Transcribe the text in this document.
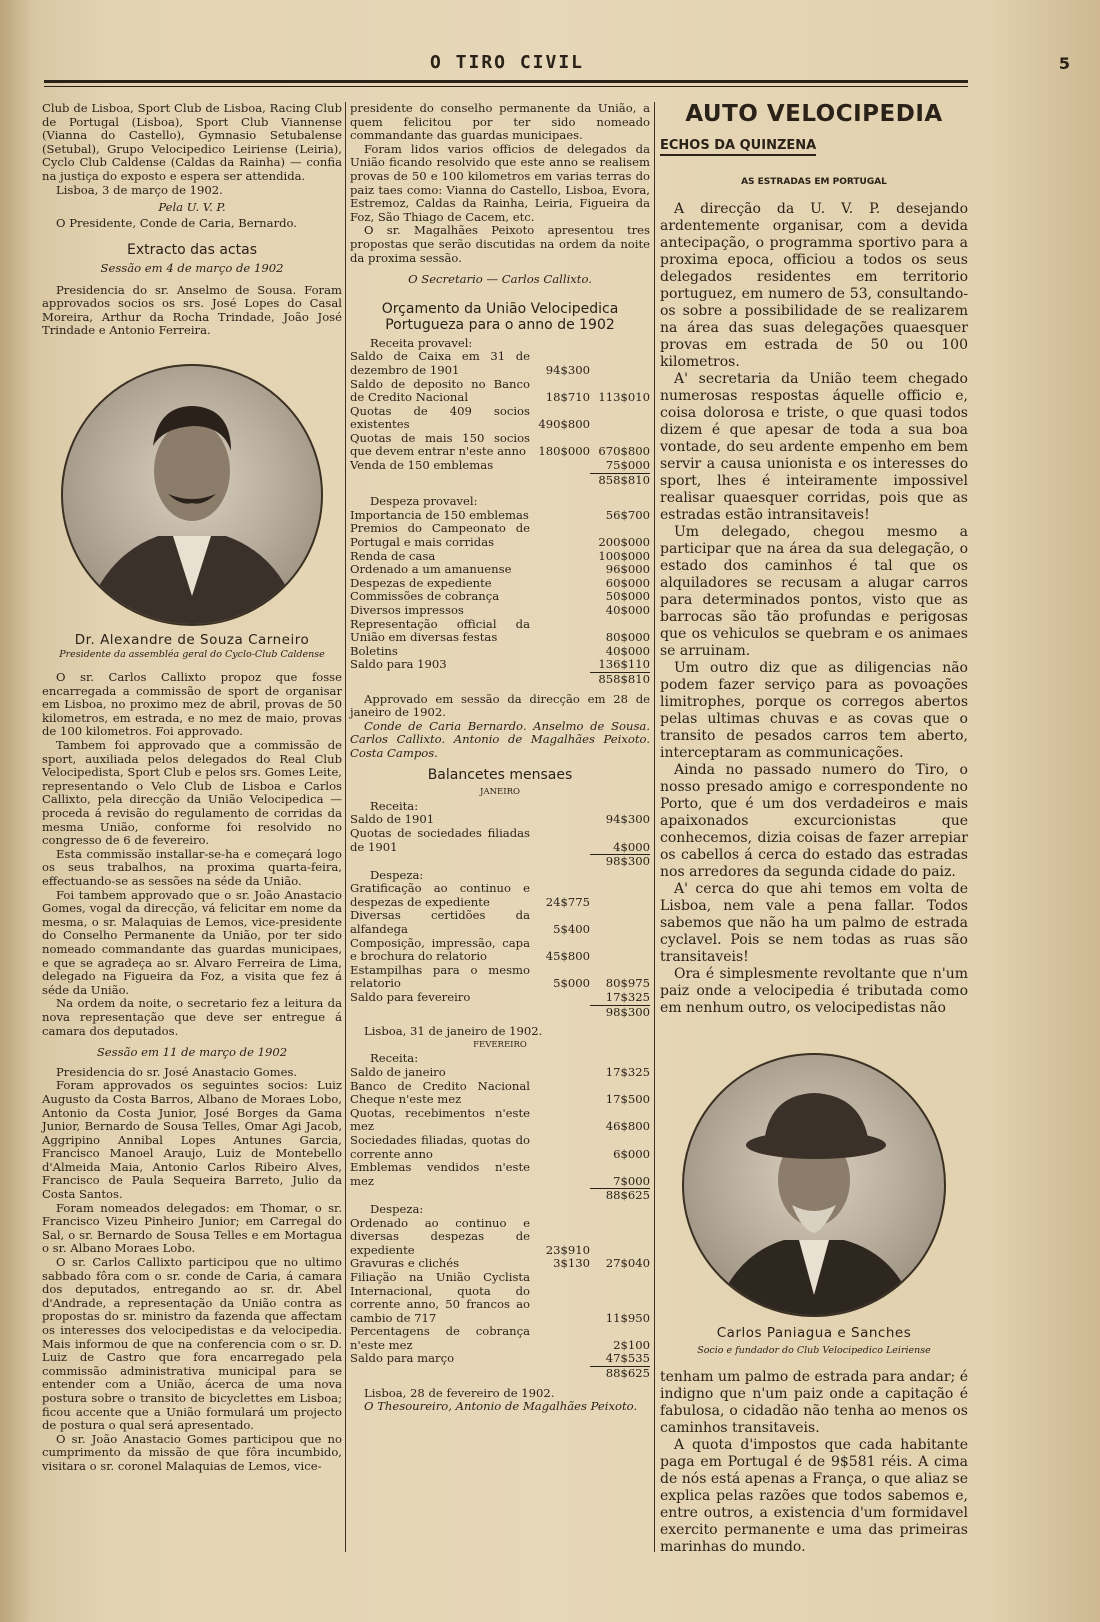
O TIRO CIVIL	5

Club de Lisboa, Sport Club de Lisboa, Racing Club de Portugal (Lisboa), Sport Club Viannense (Vianna do Castello), Gymnasio Setubalense (Setubal), Grupo Velocipedico Leiriense (Leiria), Cyclo Club Caldense (Caldas da Rainha) — confia na justiça do exposto e espera ser attendida.

Lisboa, 3 de março de 1902.

Pela U. V. P.

O Presidente, Conde de Caria, Bernardo.

Extracto das actas
Sessão em 4 de março de 1902

Presidencia do sr. Anselmo de Sousa. Foram approvados socios os srs. José Lopes do Casal Moreira, Arthur da Rocha Trindade, João José Trindade e Antonio Ferreira.

Dr. Alexandre de Souza Carneiro
Presidente da assembléa geral do Cyclo-Club Caldense

O sr. Carlos Callixto propoz que fosse encarregada a commissão de sport de organisar em Lisboa, no proximo mez de abril, provas de 50 kilometros, em estrada, e no mez de maio, provas de 100 kilometros. Foi approvado.

Tambem foi approvado que a commissão de sport, auxiliada pelos delegados do Real Club Velocipedista, Sport Club e pelos srs. Gomes Leite, representando o Velo Club de Lisboa e Carlos Callixto, pela direcção da União Velocipedica — proceda á revisão do regulamento de corridas da mesma União, conforme foi resolvido no congresso de 6 de fevereiro.

Esta commissão installar-se-ha e começará logo os seus trabalhos, na proxima quarta-feira, effectuando-se as sessões na séde da União.

Foi tambem approvado que o sr. João Anastacio Gomes, vogal da direcção, vá felicitar em nome da mesma, o sr. Malaquias de Lemos, vice-presidente do Conselho Permanente da União, por ter sido nomeado commandante das guardas municipaes, e que se agradeça ao sr. Alvaro Ferreira de Lima, delegado na Figueira da Foz, a visita que fez á séde da União.

Na ordem da noite, o secretario fez a leitura da nova representação que deve ser entregue á camara dos deputados.

Sessão em 11 de março de 1902

Presidencia do sr. José Anastacio Gomes.

Foram approvados os seguintes socios: Luiz Augusto da Costa Barros, Albano de Moraes Lobo, Antonio da Costa Junior, José Borges da Gama Junior, Bernardo de Sousa Telles, Omar Agi Jacob, Aggripino Annibal Lopes Antunes Garcia, Francisco Manoel Araujo, Luiz de Montebello d'Almeida Maia, Antonio Carlos Ribeiro Alves, Francisco de Paula Sequeira Barreto, Julio da Costa Santos.

Foram nomeados delegados: em Thomar, o sr. Francisco Vizeu Pinheiro Junior; em Carregal do Sal, o sr. Bernardo de Sousa Telles e em Mortagua o sr. Albano Moraes Lobo.

O sr. Carlos Callixto participou que no ultimo sabbado fôra com o sr. conde de Caria, á camara dos deputados, entregando ao sr. dr. Abel d'Andrade, a representação da União contra as propostas do sr. ministro da fazenda que affectam os interesses dos velocipedistas e da velocipedia. Mais informou de que na conferencia com o sr. D. Luiz de Castro que fora encarregado pela commissão administrativa municipal para se entender com a União, ácerca de uma nova postura sobre o transito de bicyclettes em Lisboa; ficou accente que a União formulará um projecto de postura o qual será apresentado.

O sr. João Anastacio Gomes participou que no cumprimento da missão de que fôra incumbido, visitara o sr. coronel Malaquias de Lemos, vice-

presidente do conselho permanente da União, a quem felicitou por ter sido nomeado commandante das guardas municipaes.

Foram lidos varios officios de delegados da União ficando resolvido que este anno se realisem provas de 50 e 100 kilometros em varias terras do paiz taes como: Vianna do Castello, Lisboa, Evora, Estremoz, Caldas da Rainha, Leiria, Figueira da Foz, São Thiago de Cacem, etc.

O sr. Magalhães Peixoto apresentou tres propostas que serão discutidas na ordem da noite da proxima sessão.

O Secretario — Carlos Callixto.
Orçamento da União Velocipedica Portugueza para o anno de 1902
Receita provavel:
Saldo de Caixa em 31 de dezembro de 1901	94$300
Saldo de deposito no Banco de Credito Nacional	18$710 113$010
Quotas de 409 socios existentes	490$800
Quotas de mais 150 socios que devem entrar n'este anno	180$000 670$800
Venda de 150 emblemas	75$000
858$810
Despeza provavel:
Importancia de 150 emblemas	56$700
Premios do Campeonato de Portugal e mais corridas	200$000
Renda de casa	100$000
Ordenado a um amanuense	96$000
Despezas de expediente	60$000
Commissões de cobrança	50$000
Diversos impressos	40$000
Representação official da União em diversas festas	80$000
Boletins	40$000
Saldo para 1903	136$110
858$810

Approvado em sessão da direcção em 28 de janeiro de 1902.

Conde de Caria Bernardo. Anselmo de Sousa. Carlos Callixto. Antonio de Magalhães Peixoto. Costa Campos.

Balancetes mensaes
JANEIRO
Receita:
Saldo de 1901	94$300
Quotas de sociedades filiadas de 1901	4$000
98$300
Despeza:
Gratificação ao continuo e despezas de expediente	24$775
Diversas certidões da alfandega	5$400
Composição, impressão, capa e brochura do relatorio	45$800
Estampilhas para o mesmo relatorio	5$000	80$975
Saldo para fevereiro	17$325
98$300

Lisboa, 31 de janeiro de 1902.

FEVEREIRO
Receita:
Saldo de janeiro	17$325
Banco de Credito Nacional Cheque n'este mez	17$500
Quotas, recebimentos n'este mez	46$800
Sociedades filiadas, quotas do corrente anno	6$000
Emblemas vendidos n'este mez	7$000
88$625
Despeza:
Ordenado ao continuo e diversas despezas de expediente	23$910
Gravuras e clichés	3$130	27$040
Filiação na União Cyclista Internacional, quota do corrente anno, 50 francos ao cambio de 717	11$950
Percentagens de cobrança n'este mez	2$100
Saldo para março	47$535
88$625

Lisboa, 28 de fevereiro de 1902.

O Thesoureiro, Antonio de Magalhães Peixoto.

AUTO VELOCIPEDIA
ECHOS DA QUINZENA
AS ESTRADAS EM PORTUGAL

A direcção da U. V. P. desejando ardentemente organisar, com a devida antecipação, o programma sportivo para a proxima epoca, officiou a todos os seus delegados residentes em territorio portuguez, em numero de 53, consultando-os sobre a possibilidade de se realizarem na área das suas delegações quaesquer provas em estrada de 50 ou 100 kilometros.

A' secretaria da União teem chegado numerosas respostas áquelle officio e, coisa dolorosa e triste, o que quasi todos dizem é que apesar de toda a sua boa vontade, do seu ardente empenho em bem servir a causa unionista e os interesses do sport, lhes é inteiramente impossivel realisar quaesquer corridas, pois que as estradas estão intransitaveis!

Um delegado, chegou mesmo a participar que na área da sua delegação, o estado dos caminhos é tal que os alquiladores se recusam a alugar carros para determinados pontos, visto que as barrocas são tão profundas e perigosas que os vehiculos se quebram e os animaes se arruinam.

Um outro diz que as diligencias não podem fazer serviço para as povoações limitrophes, porque os corregos abertos pelas ultimas chuvas e as covas que o transito de pesados carros tem aberto, interceptaram as communicações.

Ainda no passado numero do Tiro, o nosso presado amigo e correspondente no Porto, que é um dos verdadeiros e mais apaixonados excurcionistas que conhecemos, dizia coisas de fazer arrepiar os cabellos á cerca do estado das estradas nos arredores da segunda cidade do paiz.

A' cerca do que ahi temos em volta de Lisboa, nem vale a pena fallar. Todos sabemos que não ha um palmo de estrada cyclavel. Pois se nem todas as ruas são transitaveis!

Ora é simplesmente revoltante que n'um paiz onde a velocipedia é tributada como em nenhum outro, os velocipedistas não

Carlos Paniagua e Sanches
Socio e fundador do Club Velocipedico Leiriense

tenham um palmo de estrada para andar; é indigno que n'um paiz onde a capitação é fabulosa, o cidadão não tenha ao menos os caminhos transitaveis.

A quota d'impostos que cada habitante paga em Portugal é de 9$581 réis. A cima de nós está apenas a França, o que aliaz se explica pelas razões que todos sabemos e, entre outros, a existencia d'um formidavel exercito permanente e uma das primeiras marinhas do mundo.
